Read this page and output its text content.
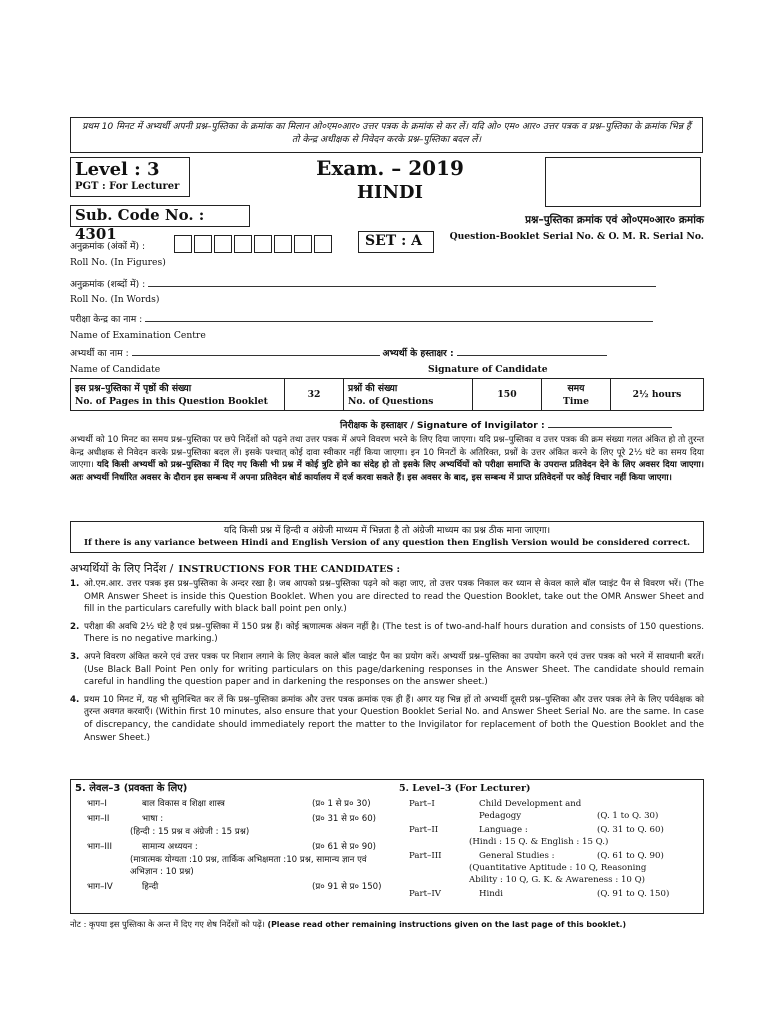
प्रथम 10 मिनट में अभ्यर्थी अपनी प्रश्न–पुस्तिका के क्रमांक का मिलान ओ०एम०आर० उत्तर पत्रक के क्रमांक से कर लें। यदि ओ० एम० आर० उत्तर पत्रक व प्रश्न–पुस्तिका के क्रमांक भिन्न हैं तो केन्द्र अधीक्षक से निवेदन करके प्रश्न–पुस्तिका बदल लें।
Level : 3
PGT : For Lecturer
Exam. – 2019
HINDI
Sub. Code No. : 4301
प्रश्न–पुस्तिका क्रमांक एवं ओ०एम०आर० क्रमांक
Question-Booklet Serial No. & O. M. R. Serial No.
अनुक्रमांक (अंकों में) :	SET : A
Roll No. (In Figures)
अनुक्रमांक (शब्दों में) :
Roll No. (In Words)
परीक्षा केन्द्र का नाम :
Name of Examination Centre
अभ्यर्थी का नाम :	अभ्यर्थी के हस्ताक्षर :
Name of Candidate	Signature of Candidate
इस प्रश्न–पुस्तिका में पृष्ठों की संख्या
No. of Pages in this Question Booklet
	32	
प्रश्नों की संख्या
No. of Questions
	150	
समय
Time
	2½ hours
निरीक्षक के हस्ताक्षर / Signature of Invigilator :
अभ्यर्थी को 10 मिनट का समय प्रश्न–पुस्तिका पर छपे निर्देशों को पढ़ने तथा उत्तर पत्रक में अपने विवरण भरने के लिए दिया जाएगा। यदि प्रश्न–पुस्तिका व उत्तर पत्रक की क्रम संख्या गलत अंकित हो तो तुरन्त केन्द्र अधीक्षक से निवेदन करके प्रश्न–पुस्तिका बदल लें। इसके पश्चात् कोई दावा स्वीकार नहीं किया जाएगा। इन 10 मिनटों के अतिरिक्त, प्रश्नों के उत्तर अंकित करने के लिए पूरे 2½ घंटे का समय दिया जाएगा। यदि किसी अभ्यर्थी को प्रश्न–पुस्तिका में दिए गए किसी भी प्रश्न में कोई त्रुटि होने का संदेह हो तो इसके लिए अभ्यर्थियों को परीक्षा समाप्ति के उपरान्त प्रतिवेदन देने के लिए अवसर दिया जाएगा। अतः अभ्यर्थी निर्धारित अवसर के दौरान इस सम्बन्ध में अपना प्रतिवेदन बोर्ड कार्यालय में दर्ज करवा सकते हैं। इस अवसर के बाद, इस सम्बन्ध में प्राप्त प्रतिवेदनों पर कोई विचार नहीं किया जाएगा।
यदि किसी प्रश्न में हिन्दी व अंग्रेजी माध्यम में भिन्नता है तो अंग्रेजी माध्यम का प्रश्न ठीक माना जाएगा।
If there is any variance between Hindi and English Version of any question then English Version would be considered correct.
अभ्यर्थियों के लिए निर्देश / INSTRUCTIONS FOR THE CANDIDATES :
1. ओ.एम.आर. उत्तर पत्रक इस प्रश्न–पुस्तिका के अन्दर रखा है। जब आपको प्रश्न–पुस्तिका पढ़ने को कहा जाए, तो उत्तर पत्रक निकाल कर ध्यान से केवल काले बॉल प्वाइंट पैन से विवरण भरें। (The OMR Answer Sheet is inside this Question Booklet. When you are directed to read the Question Booklet, take out the OMR Answer Sheet and fill in the particulars carefully with black ball point pen only.)
2. परीक्षा की अवधि 2½ घंटे है एवं प्रश्न–पुस्तिका में 150 प्रश्न हैं। कोई ऋणात्मक अंकन नहीं है। (The test is of two-and-half hours duration and consists of 150 questions. There is no negative marking.)
3. अपने विवरण अंकित करने एवं उत्तर पत्रक पर निशान लगाने के लिए केवल काले बॉल प्वाइंट पैन का प्रयोग करें। अभ्यर्थी प्रश्न–पुस्तिका का उपयोग करने एवं उत्तर पत्रक को भरने में सावधानी बरतें। (Use Black Ball Point Pen only for writing particulars on this page/darkening responses in the Answer Sheet. The candidate should remain careful in handling the question paper and in darkening the responses on the answer sheet.)
4. प्रथम 10 मिनट में, यह भी सुनिश्चित कर लें कि प्रश्न–पुस्तिका क्रमांक और उत्तर पत्रक क्रमांक एक ही हैं। अगर यह भिन्न हों तो अभ्यर्थी दूसरी प्रश्न–पुस्तिका और उत्तर पत्रक लेने के लिए पर्यवेक्षक को तुरन्त अवगत करवाएँ। (Within first 10 minutes, also ensure that your Question Booklet Serial No. and Answer Sheet Serial No. are the same. In case of discrepancy, the candidate should immediately report the matter to the Invigilator for replacement of both the Question Booklet and the Answer Sheet.)
5. लेवल–3 (प्रवक्ता के लिए)
भाग–I	बाल विकास व शिक्षा शास्त्र	(प्र० 1 से प्र० 30)
भाग–II	भाषा :	(प्र० 31 से प्र० 60)
(हिन्दी : 15 प्रश्न व अंग्रेजी : 15 प्रश्न)
भाग–III	सामान्य अध्ययन :	(प्र० 61 से प्र० 90)
(मात्रात्मक योग्यता :10 प्रश्न, तार्किक अभिक्षमता :10 प्रश्न, सामान्य ज्ञान एवं अभिज्ञान : 10 प्रश्न)
भाग–IV	हिन्दी	(प्र० 91 से प्र० 150)
5. Level–3 (For Lecturer)
Part–I	Child Development and Pedagogy	(Q. 1 to Q. 30)
Part–II	Language :	(Q. 31 to Q. 60)
(Hindi : 15 Q. & English : 15 Q.)
Part–III	General Studies :	(Q. 61 to Q. 90)
(Quantitative Aptitude : 10 Q, Reasoning Ability : 10 Q, G. K. & Awareness : 10 Q)
Part–IV	Hindi	(Q. 91 to Q. 150)
नोट : कृपया इस पुस्तिका के अन्त में दिए गए शेष निर्देशों को पढ़ें। (Please read other remaining instructions given on the last page of this booklet.)
